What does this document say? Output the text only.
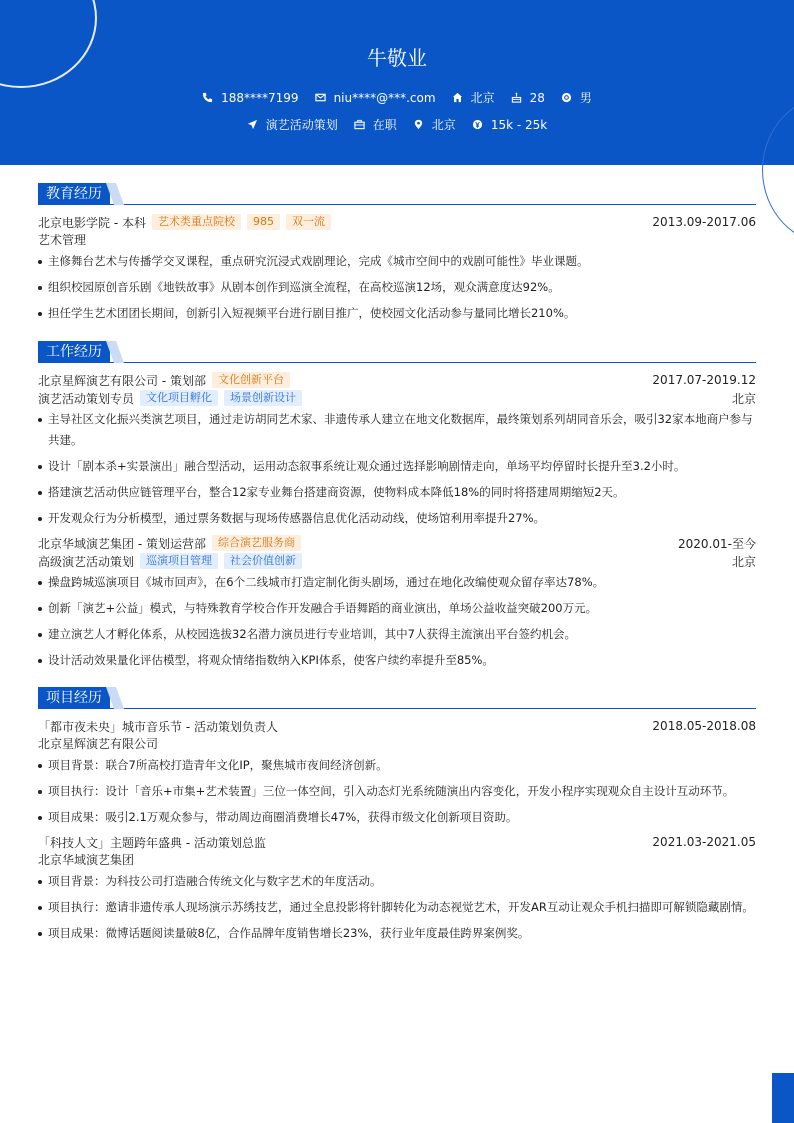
牛敬业
188****7199	niu****@***.com	北京	28	男
演艺活动策划	在职	北京	15k - 25k
教育经历
北京电影学院 - 本科	艺术类重点院校	985	双一流	2013.09-2017.06
艺术管理
主修舞台艺术与传播学交叉课程，重点研究沉浸式戏剧理论，完成《城市空间中的戏剧可能性》毕业课题。
组织校园原创音乐剧《地铁故事》从剧本创作到巡演全流程，在高校巡演12场，观众满意度达92%。
担任学生艺术团团长期间，创新引入短视频平台进行剧目推广，使校园文化活动参与量同比增长210%。
工作经历
北京星辉演艺有限公司 - 策划部	文化创新平台	2017.07-2019.12
演艺活动策划专员	文化项目孵化	场景创新设计	北京
主导社区文化振兴类演艺项目，通过走访胡同艺术家、非遗传承人建立在地文化数据库，最终策划系列胡同音乐会，吸引32家本地商户参与共建。
设计「剧本杀+实景演出」融合型活动，运用动态叙事系统让观众通过选择影响剧情走向，单场平均停留时长提升至3.2小时。
搭建演艺活动供应链管理平台，整合12家专业舞台搭建商资源，使物料成本降低18%的同时将搭建周期缩短2天。
开发观众行为分析模型，通过票务数据与现场传感器信息优化活动动线，使场馆利用率提升27%。
北京华域演艺集团 - 策划运营部	综合演艺服务商	2020.01-至今
高级演艺活动策划	巡演项目管理	社会价值创新	北京
操盘跨城巡演项目《城市回声》，在6个二线城市打造定制化街头剧场，通过在地化改编使观众留存率达78%。
创新「演艺+公益」模式，与特殊教育学校合作开发融合手语舞蹈的商业演出，单场公益收益突破200万元。
建立演艺人才孵化体系，从校园选拔32名潜力演员进行专业培训，其中7人获得主流演出平台签约机会。
设计活动效果量化评估模型，将观众情绪指数纳入KPI体系，使客户续约率提升至85%。
项目经历
「都市夜未央」城市音乐节 - 活动策划负责人	2018.05-2018.08
北京星辉演艺有限公司
项目背景：联合7所高校打造青年文化IP，聚焦城市夜间经济创新。
项目执行：设计「音乐+市集+艺术装置」三位一体空间，引入动态灯光系统随演出内容变化，开发小程序实现观众自主设计互动环节。
项目成果：吸引2.1万观众参与，带动周边商圈消费增长47%，获得市级文化创新项目资助。
「科技人文」主题跨年盛典 - 活动策划总监	2021.03-2021.05
北京华域演艺集团
项目背景：为科技公司打造融合传统文化与数字艺术的年度活动。
项目执行：邀请非遗传承人现场演示苏绣技艺，通过全息投影将针脚转化为动态视觉艺术，开发AR互动让观众手机扫描即可解锁隐藏剧情。
项目成果：微博话题阅读量破8亿，合作品牌年度销售增长23%，获行业年度最佳跨界案例奖。
